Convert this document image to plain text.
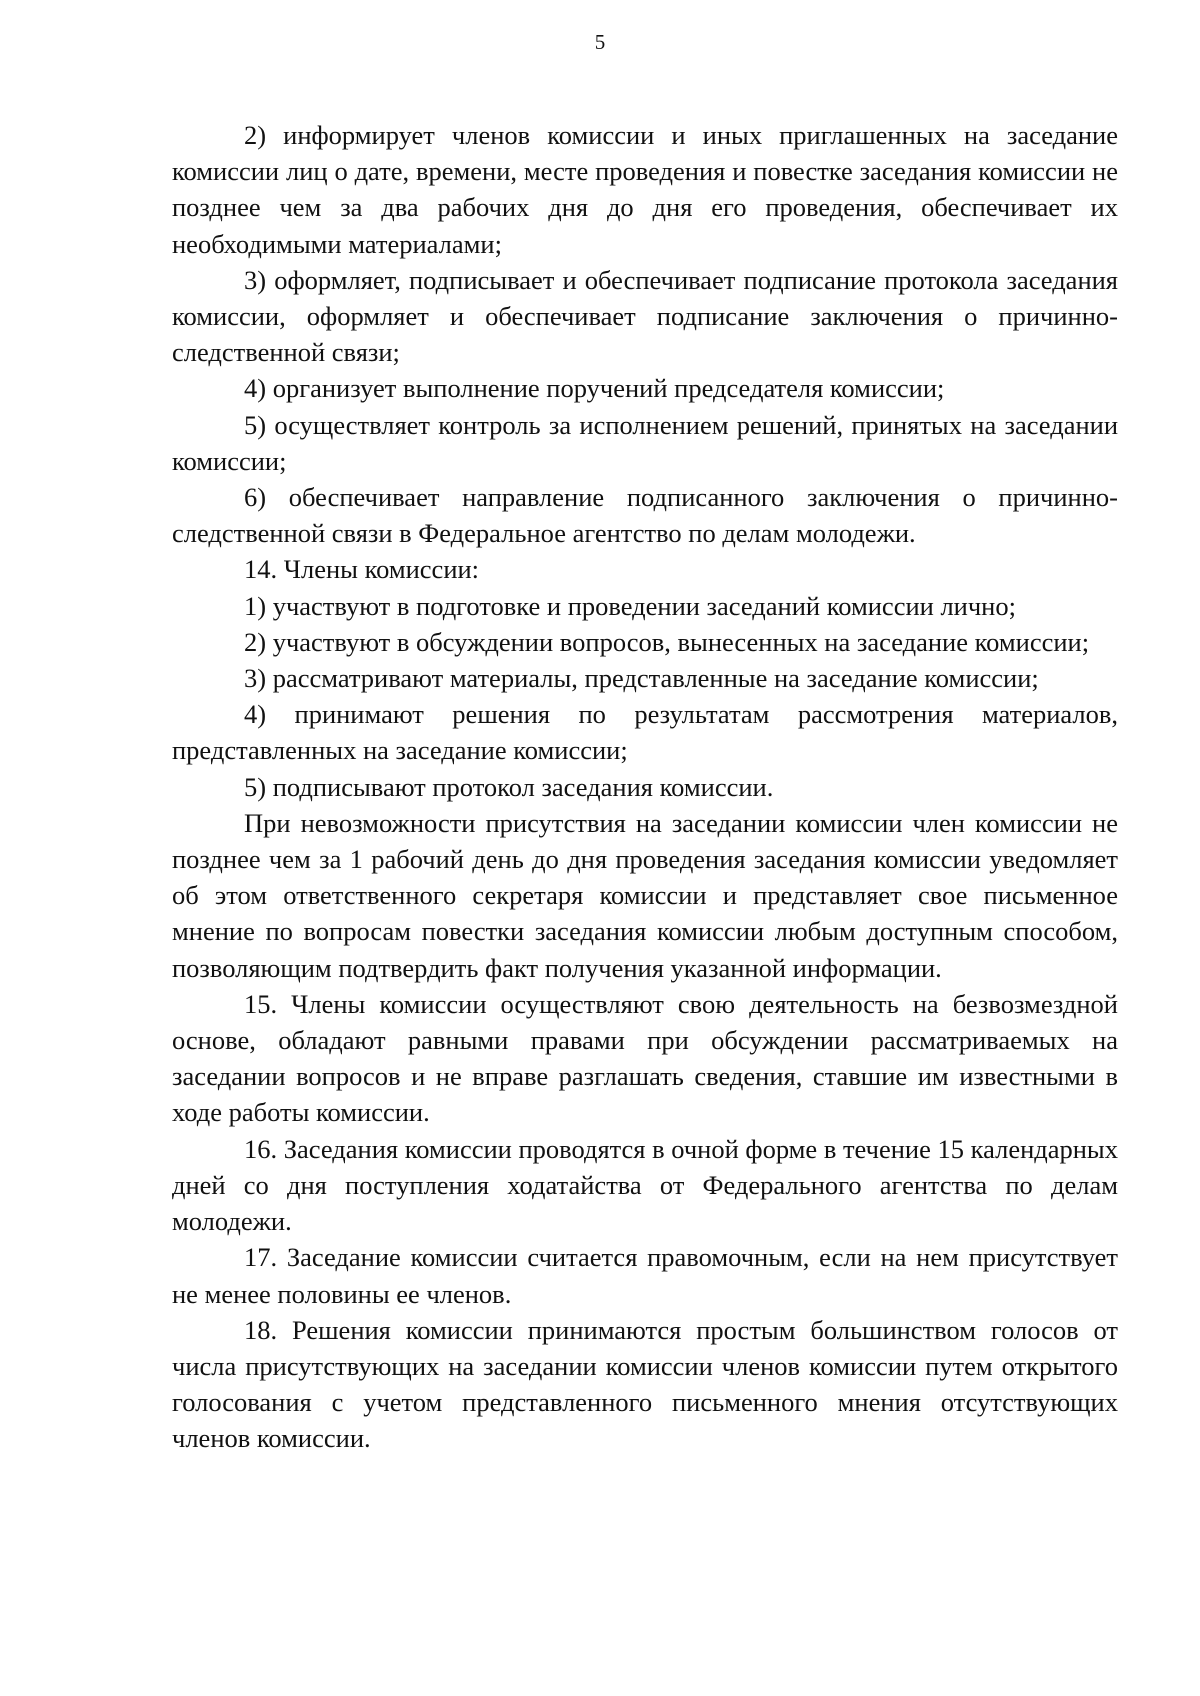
5

2) информирует членов комиссии и иных приглашенных на заседание комиссии лиц о дате, времени, месте проведения и повестке заседания комиссии не позднее чем за два рабочих дня до дня его проведения, обеспечивает их необходимыми материалами;

3) оформляет, подписывает и обеспечивает подписание протокола заседания комиссии, оформляет и обеспечивает подписание заключения о причинно-следственной связи;

4) организует выполнение поручений председателя комиссии;

5) осуществляет контроль за исполнением решений, принятых на заседании комиссии;

6) обеспечивает направление подписанного заключения о причинно-следственной связи в Федеральное агентство по делам молодежи.

14. Члены комиссии:

1) участвуют в подготовке и проведении заседаний комиссии лично;

2) участвуют в обсуждении вопросов, вынесенных на заседание комиссии;

3) рассматривают материалы, представленные на заседание комиссии;

4) принимают решения по результатам рассмотрения материалов, представленных на заседание комиссии;

5) подписывают протокол заседания комиссии.

При невозможности присутствия на заседании комиссии член комиссии не позднее чем за 1 рабочий день до дня проведения заседания комиссии уведомляет об этом ответственного секретаря комиссии и представляет свое письменное мнение по вопросам повестки заседания комиссии любым доступным способом, позволяющим подтвердить факт получения указанной информации.

15. Члены комиссии осуществляют свою деятельность на безвозмездной основе, обладают равными правами при обсуждении рассматриваемых на заседании вопросов и не вправе разглашать сведения, ставшие им известными в ходе работы комиссии.

16. Заседания комиссии проводятся в очной форме в течение 15 календарных дней со дня поступления ходатайства от Федерального агентства по делам молодежи.

17. Заседание комиссии считается правомочным, если на нем присутствует не менее половины ее членов.

18. Решения комиссии принимаются простым большинством голосов от числа присутствующих на заседании комиссии членов комиссии путем открытого голосования с учетом представленного письменного мнения отсутствующих членов комиссии.
